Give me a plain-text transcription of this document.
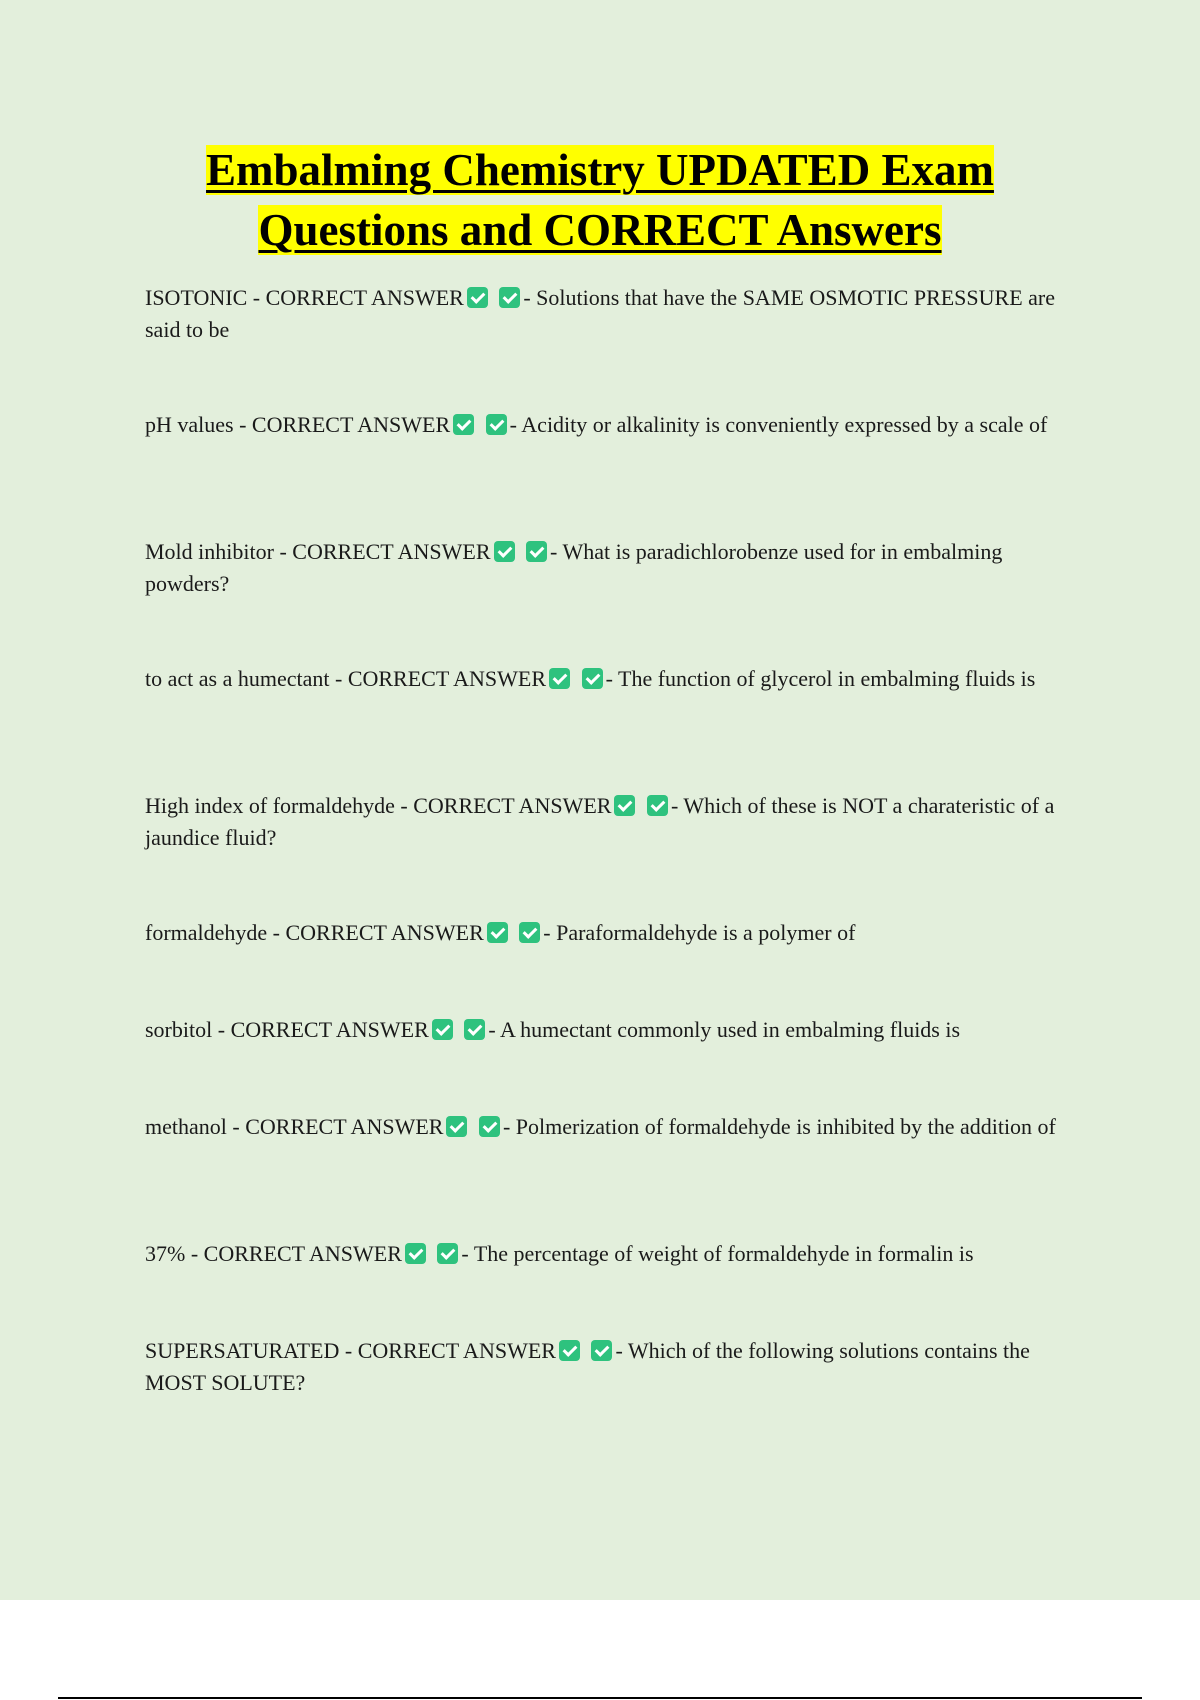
Embalming Chemistry UPDATED Exam
Questions and CORRECT Answers
ISOTONIC - CORRECT ANSWER	- Solutions that have the SAME OSMOTIC PRESSURE are said to be
pH values - CORRECT ANSWER	- Acidity or alkalinity is conveniently expressed by a scale of
Mold inhibitor - CORRECT ANSWER	- What is paradichlorobenze used for in embalming powders?
to act as a humectant - CORRECT ANSWER	- The function of glycerol in embalming fluids is
High index of formaldehyde - CORRECT ANSWER	- Which of these is NOT a charateristic of a jaundice fluid?
formaldehyde - CORRECT ANSWER	- Paraformaldehyde is a polymer of
sorbitol - CORRECT ANSWER	- A humectant commonly used in embalming fluids is
methanol - CORRECT ANSWER	- Polmerization of formaldehyde is inhibited by the addition of
37% - CORRECT ANSWER	- The percentage of weight of formaldehyde in formalin is
SUPERSATURATED - CORRECT ANSWER	- Which of the following solutions contains the MOST SOLUTE?
